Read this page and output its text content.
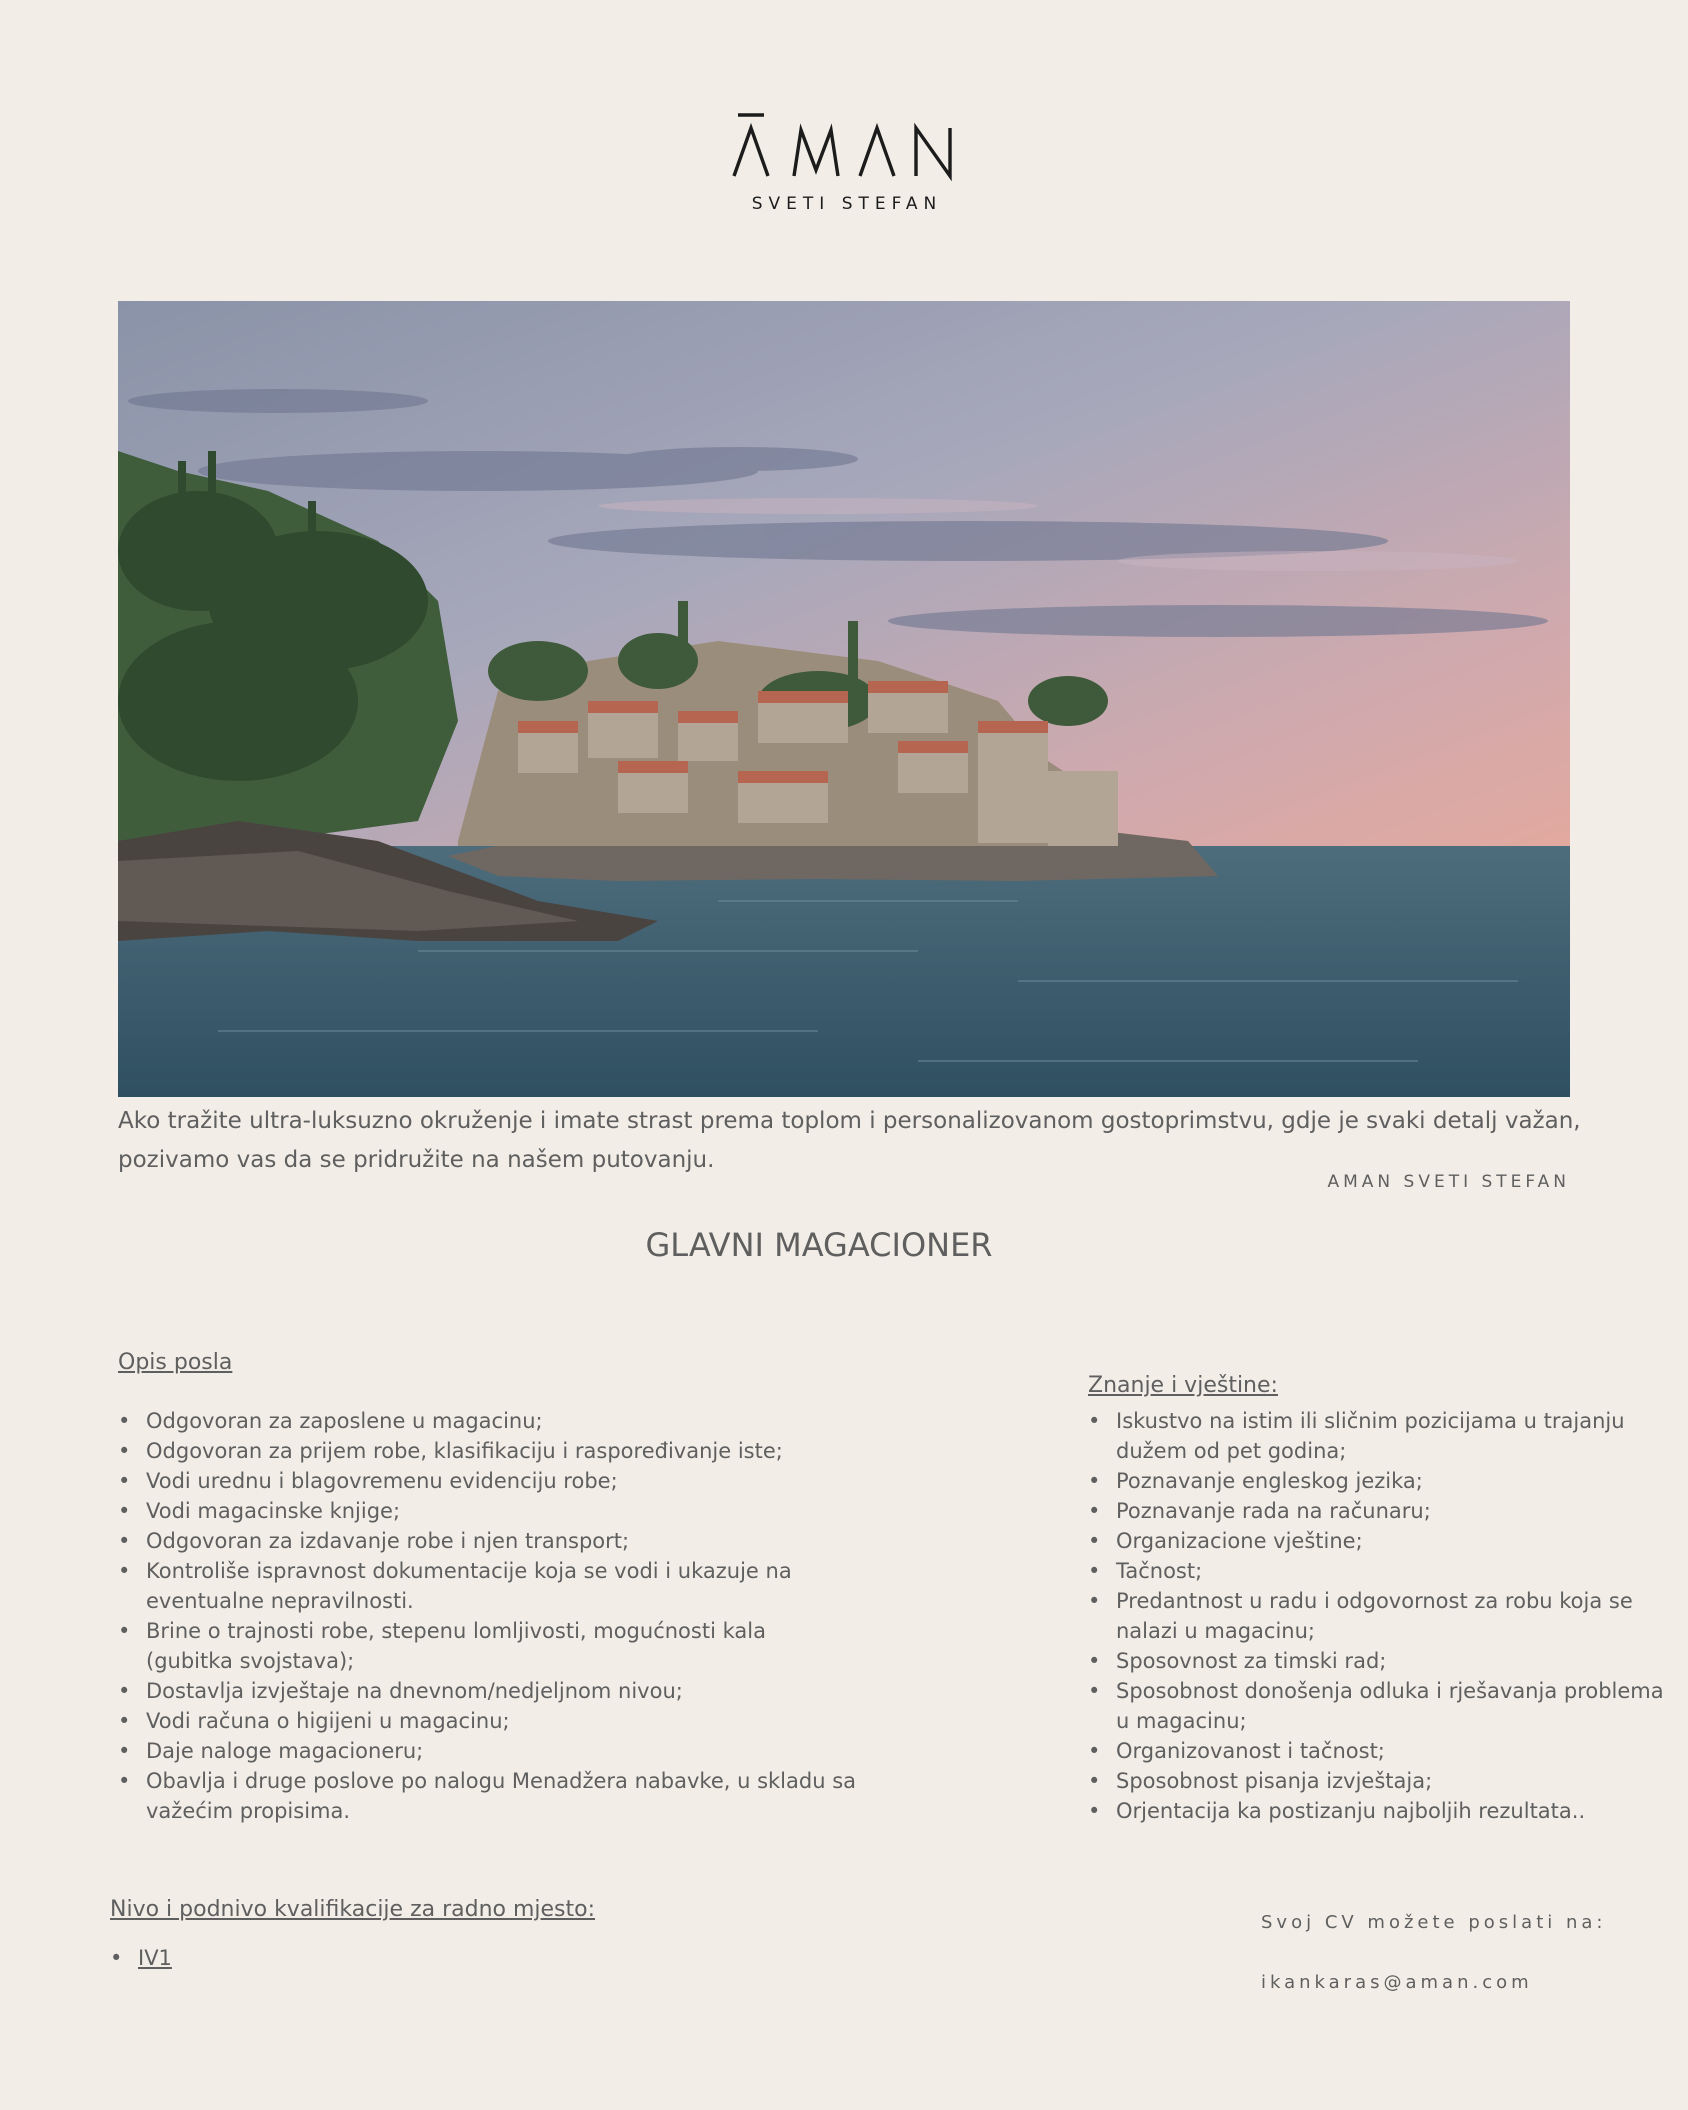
SVETI STEFAN

Ako tražite ultra-luksuzno okruženje i imate strast prema toplom i personalizovanom gostoprimstvu, gdje je svaki detalj važan, pozivamo vas da se pridružite na našem putovanju.

AMAN SVETI STEFAN
GLAVNI MAGACIONER
Opis posla
• Odgovoran za zaposlene u magacinu;
• Odgovoran za prijem robe, klasifikaciju i raspoređivanje iste;
• Vodi urednu i blagovremenu evidenciju robe;
• Vodi magacinske knjige;
• Odgovoran za izdavanje robe i njen transport;
• Kontroliše ispravnost dokumentacije koja se vodi i ukazuje na eventualne nepravilnosti.
• Brine o trajnosti robe, stepenu lomljivosti, mogućnosti kala (gubitka svojstava);
• Dostavlja izvještaje na dnevnom/nedjeljnom nivou;
• Vodi računa o higijeni u magacinu;
• Daje naloge magacioneru;
• Obavlja i druge poslove po nalogu Menadžera nabavke, u skladu sa važećim propisima.
Znanje i vještine:
• Iskustvo na istim ili sličnim pozicijama u trajanju dužem od pet godina;
• Poznavanje engleskog jezika;
• Poznavanje rada na računaru;
• Organizacione vještine;
• Tačnost;
• Predantnost u radu i odgovornost za robu koja se nalazi u magacinu;
• Sposovnost za timski rad;
• Sposobnost donošenja odluka i rješavanja problema u magacinu;
• Organizovanost i tačnost;
• Sposobnost pisanja izvještaja;
• Orjentacija ka postizanju najboljih rezultata..
Nivo i podnivo kvalifikacije za radno mjesto:
• IV1
Svoj CV možete poslati na:
ikankaras@aman.com
